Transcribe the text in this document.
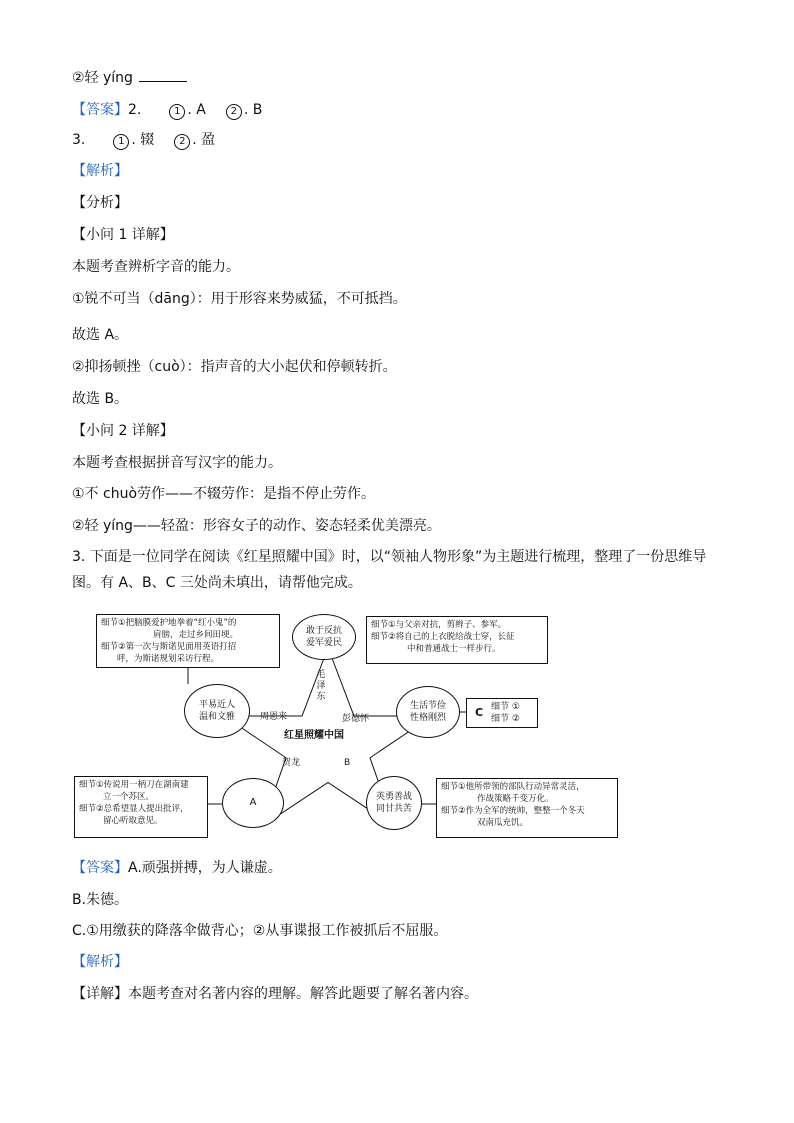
②轻 yíng
【答案】2.	1 . A 2 . B
3.	1 . 辍 2 . 盈
【解析】
【分析】
【小问 1 详解】
本题考查辨析字音的能力。
①锐不可当（dāng）：用于形容来势威猛，不可抵挡。
故选 A。
②抑扬顿挫（cuò）：指声音的大小起伏和停顿转折。
故选 B。
【小问 2 详解】
本题考查根据拼音写汉字的能力。
①不 chuò劳作——不辍劳作：是指不停止劳作。
②轻 yíng——轻盈：形容女子的动作、姿态轻柔优美漂亮。
3. 下面是一位同学在阅读《红星照耀中国》时，以“领袖人物形象”为主题进行梳理，整理了一份思维导图。有 A、B、C 三处尚未填出，请帮他完成。
细节①把脑膜爱护地拳着“红小鬼”的
肩膀，走过乡间田埂。
细节②第一次与斯诺见面用英语打招
呼，为斯诺规划采访行程。
细节①与父亲对抗，剪辫子、参军。
细节②将自己的上衣脱给战士穿，长征
中和普通战士一样步行。
细节①传说用一柄刀在湖南建
立一个苏区。
细节②总希望显人提出批评，
留心听取意见。
细节①他所带领的部队行动异常灵活，
作战策略千变万化。
细节②作为全军的统帅，整整一个冬天
双南瓜充饥。
敢于反抗
爱军爱民
平易近人
温和文雅
生活节俭
性格刚烈
A	英勇善战
同甘共苦
毛
泽
东
周恩来	彭德怀
贺龙	B
红星照耀中国
C 细节 ①
细节 ②
【答案】A.顽强拼搏，为人谦虚。
B.朱德。
C.①用缴获的降落伞做背心；②从事谍报工作被抓后不屈服。
【解析】
【详解】本题考查对名著内容的理解。解答此题要了解名著内容。
